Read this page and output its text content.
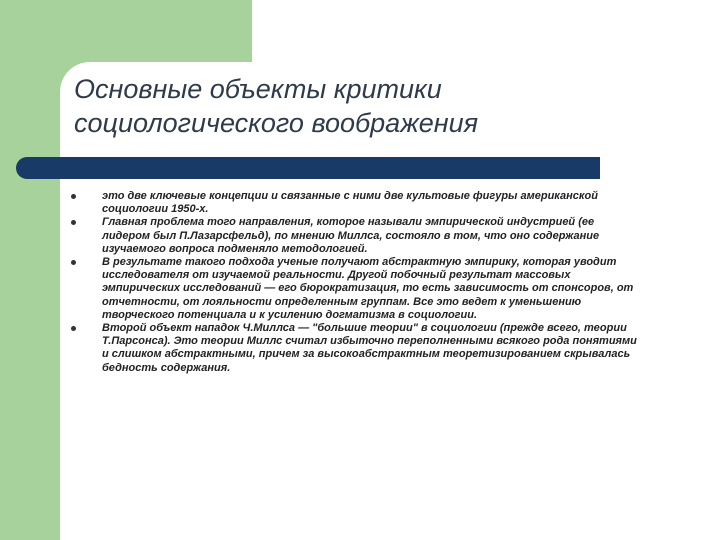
Основные объекты критики
социологического воображения
это две ключевые концепции и связанные с ними две культовые фигуры американской социологии 1950-х.
Главная проблема того направления, которое называли эмпирической индустрией (ее лидером был П.Лазарсфельд), по мнению Миллса, состояло в том, что оно содержание изучаемого вопроса подменяло методологией.
В результате такого подхода ученые получают абстрактную эмпирику, которая уводит исследователя от изучаемой реальности. Другой побочный результат массовых эмпирических исследований — его бюрократизация, то есть зависимость от спонсоров, от отчетности, от лояльности определенным группам. Все это ведет к уменьшению творческого потенциала и к усилению догматизма в социологии.
Второй объект нападок Ч.Миллса — "большие теории" в социологии (прежде всего, теории Т.Парсонса). Это теории Миллс считал избыточно переполненными всякого рода понятиями и слишком абстрактными, причем за высокоабстрактным теоретизированием скрывалась бедность содержания.
